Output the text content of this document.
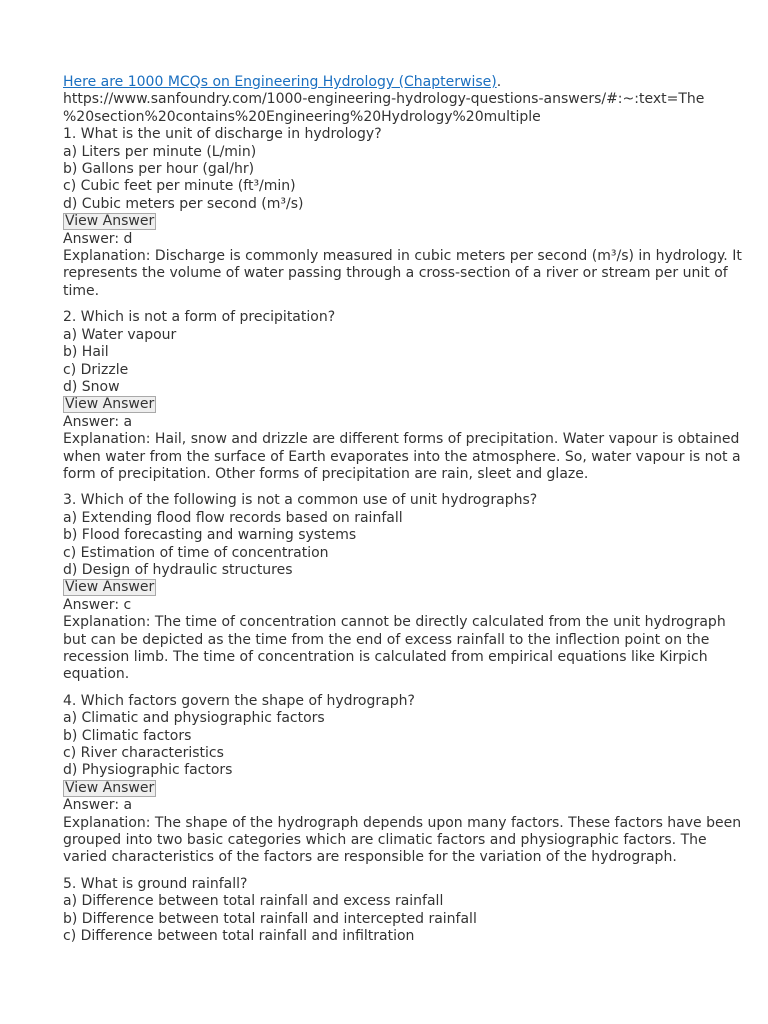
Here are 1000 MCQs on Engineering Hydrology (Chapterwise).
https://www.sanfoundry.com/1000-engineering-hydrology-questions-answers/#:~:text=The
%20section%20contains%20Engineering%20Hydrology%20multiple
1. What is the unit of discharge in hydrology?
a) Liters per minute (L/min)
b) Gallons per hour (gal/hr)
c) Cubic feet per minute (ft³/min)
d) Cubic meters per second (m³/s)
View Answer
Answer: d
Explanation: Discharge is commonly measured in cubic meters per second (m³/s) in hydrology. It represents the volume of water passing through a cross-section of a river or stream per unit of time.
2. Which is not a form of precipitation?
a) Water vapour
b) Hail
c) Drizzle
d) Snow
View Answer
Answer: a
Explanation: Hail, snow and drizzle are different forms of precipitation. Water vapour is obtained when water from the surface of Earth evaporates into the atmosphere. So, water vapour is not a form of precipitation. Other forms of precipitation are rain, sleet and glaze.
3. Which of the following is not a common use of unit hydrographs?
a) Extending flood flow records based on rainfall
b) Flood forecasting and warning systems
c) Estimation of time of concentration
d) Design of hydraulic structures
View Answer
Answer: c
Explanation: The time of concentration cannot be directly calculated from the unit hydrograph but can be depicted as the time from the end of excess rainfall to the inflection point on the recession limb. The time of concentration is calculated from empirical equations like Kirpich equation.
4. Which factors govern the shape of hydrograph?
a) Climatic and physiographic factors
b) Climatic factors
c) River characteristics
d) Physiographic factors
View Answer
Answer: a
Explanation: The shape of the hydrograph depends upon many factors. These factors have been grouped into two basic categories which are climatic factors and physiographic factors. The varied characteristics of the factors are responsible for the variation of the hydrograph.
5. What is ground rainfall?
a) Difference between total rainfall and excess rainfall
b) Difference between total rainfall and intercepted rainfall
c) Difference between total rainfall and infiltration
